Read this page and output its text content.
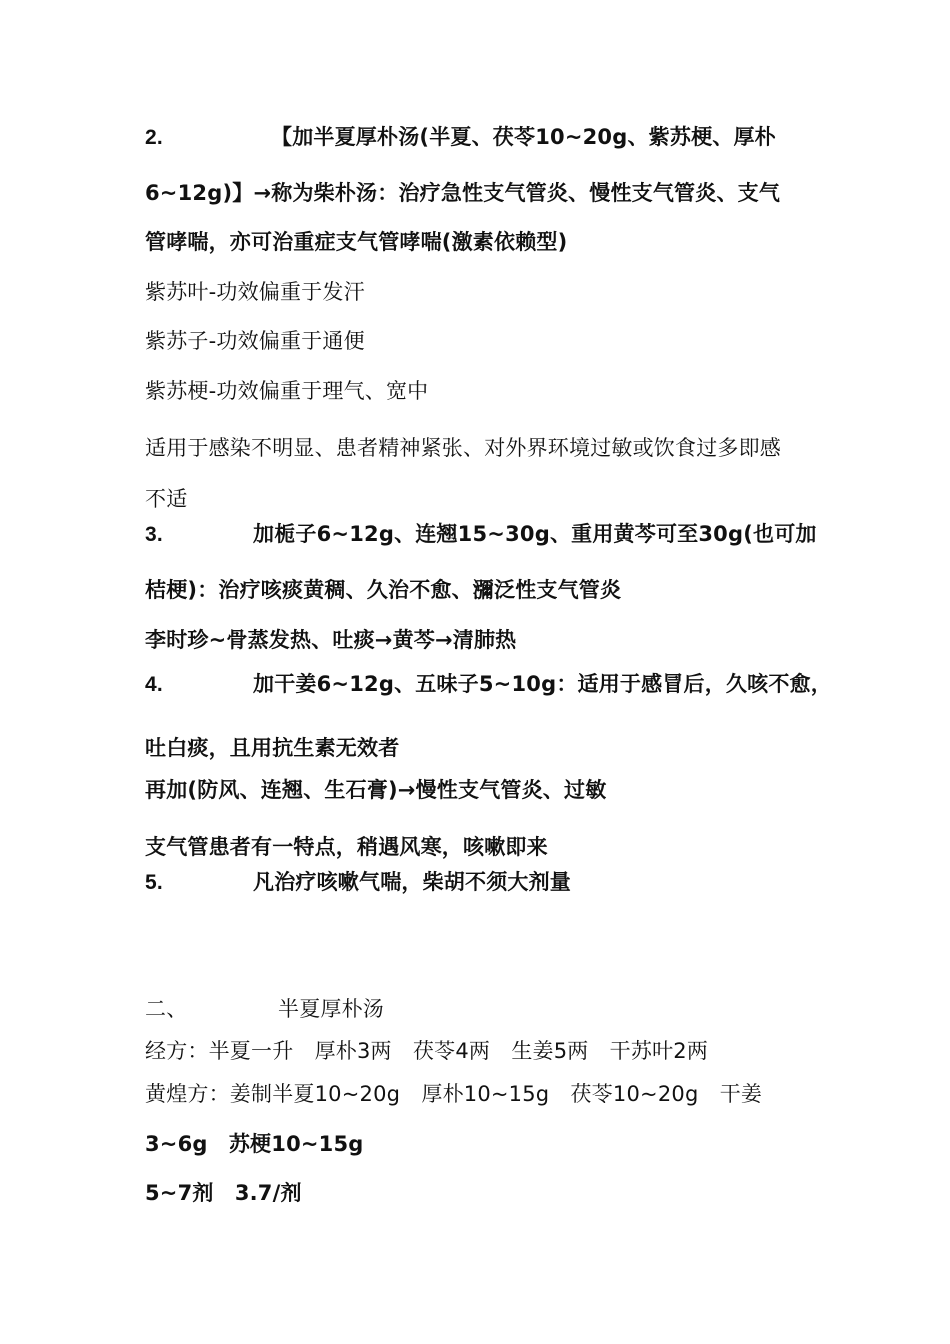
2.	【加半夏厚朴汤(半夏、茯苓10~20g、紫苏梗、厚朴
6~12g)】→称为柴朴汤：治疗急性支气管炎、慢性支气管炎、支气
管哮喘，亦可治重症支气管哮喘(激素依赖型)
紫苏叶-功效偏重于发汗
紫苏子-功效偏重于通便
紫苏梗-功效偏重于理气、宽中
适用于感染不明显、患者精神紧张、对外界环境过敏或饮食过多即感
不适
3.	加栀子6~12g、连翘15~30g、重用黄芩可至30g(也可加
桔梗)：治疗咳痰黄稠、久治不愈、瀰泛性支气管炎
李时珍~骨蒸发热、吐痰→黄芩→清肺热
4.	加干姜6~12g、五味子5~10g：适用于感冒后，久咳不愈，
吐白痰，且用抗生素无效者
再加(防风、连翘、生石膏)→慢性支气管炎、过敏
支气管患者有一特点，稍遇风寒，咳嗽即来
5.	凡治疗咳嗽气喘，柴胡不须大剂量
二、	半夏厚朴汤
经方：半夏一升　厚朴3两　茯苓4两　生姜5两　干苏叶2两
黄煌方：姜制半夏10~20g　厚朴10~15g　茯苓10~20g　干姜
3~6g　苏梗10~15g
5~7剂　3.7/剂
